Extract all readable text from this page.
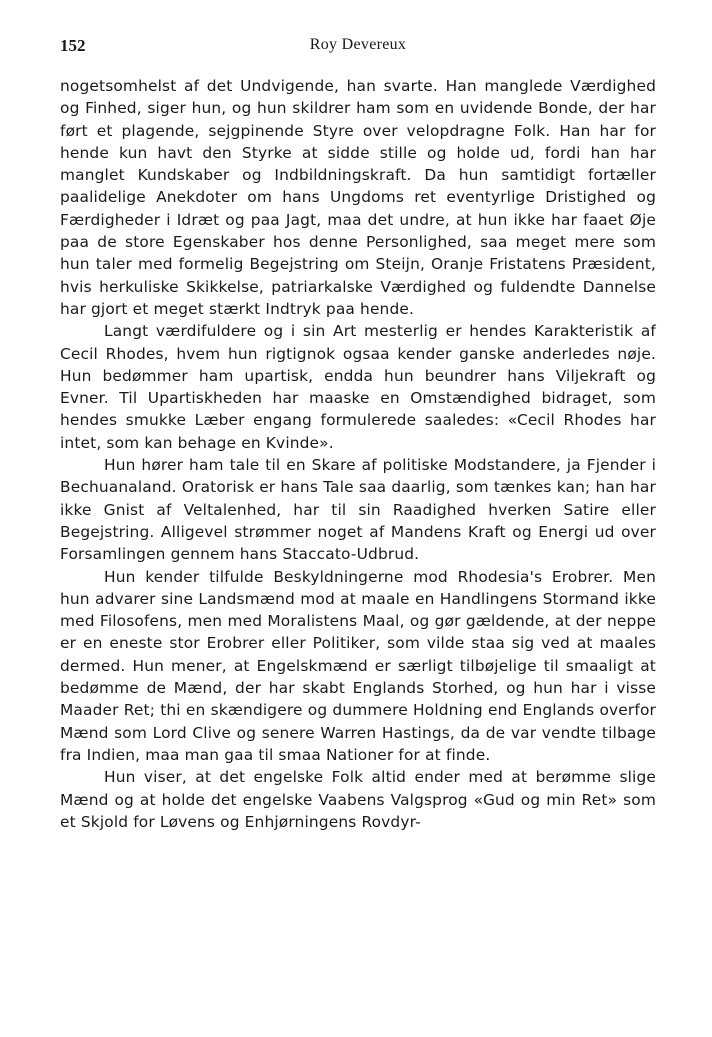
152	Roy Devereux

nogetsomhelst af det Undvigende, han svarte. Han manglede Værdighed og Finhed, siger hun, og hun skildrer ham som en uvidende Bonde, der har ført et plagende, sejgpinende Styre over velopdragne Folk. Han har for hende kun havt den Styrke at sidde stille og holde ud, fordi han har manglet Kundskaber og Indbildningskraft. Da hun samtidigt fortæller paalidelige Anekdoter om hans Ungdoms ret eventyrlige Dristighed og Færdigheder i Idræt og paa Jagt, maa det undre, at hun ikke har faaet Øje paa de store Egenskaber hos denne Personlighed, saa meget mere som hun taler med formelig Begejstring om Steijn, Oranje Fristatens Præsident, hvis herkuliske Skikkelse, patriarkalske Værdighed og fuldendte Dannelse har gjort et meget stærkt Indtryk paa hende.

Langt værdifuldere og i sin Art mesterlig er hendes Karakteristik af Cecil Rhodes, hvem hun rigtignok ogsaa kender ganske anderledes nøje. Hun bedømmer ham upartisk, endda hun beundrer hans Viljekraft og Evner. Til Upartiskheden har maaske en Omstændighed bidraget, som hendes smukke Læber engang formulerede saaledes: «Cecil Rhodes har intet, som kan behage en Kvinde».

Hun hører ham tale til en Skare af politiske Modstandere, ja Fjender i Bechuanaland. Oratorisk er hans Tale saa daarlig, som tænkes kan; han har ikke Gnist af Veltalenhed, har til sin Raadighed hverken Satire eller Begejstring. Alligevel strømmer noget af Mandens Kraft og Energi ud over Forsamlingen gennem hans Staccato-Udbrud.

Hun kender tilfulde Beskyldningerne mod Rhodesia's Erobrer. Men hun advarer sine Landsmænd mod at maale en Handlingens Stormand ikke med Filosofens, men med Moralistens Maal, og gør gældende, at der neppe er en eneste stor Erobrer eller Politiker, som vilde staa sig ved at maales dermed. Hun mener, at Engelskmænd er særligt tilbøjelige til smaaligt at bedømme de Mænd, der har skabt Englands Storhed, og hun har i visse Maader Ret; thi en skændigere og dummere Holdning end Englands overfor Mænd som Lord Clive og senere Warren Hastings, da de var vendte tilbage fra Indien, maa man gaa til smaa Nationer for at finde.

Hun viser, at det engelske Folk altid ender med at berømme slige Mænd og at holde det engelske Vaabens Valgsprog «Gud og min Ret» som et Skjold for Løvens og Enhjørningens Rovdyr-
